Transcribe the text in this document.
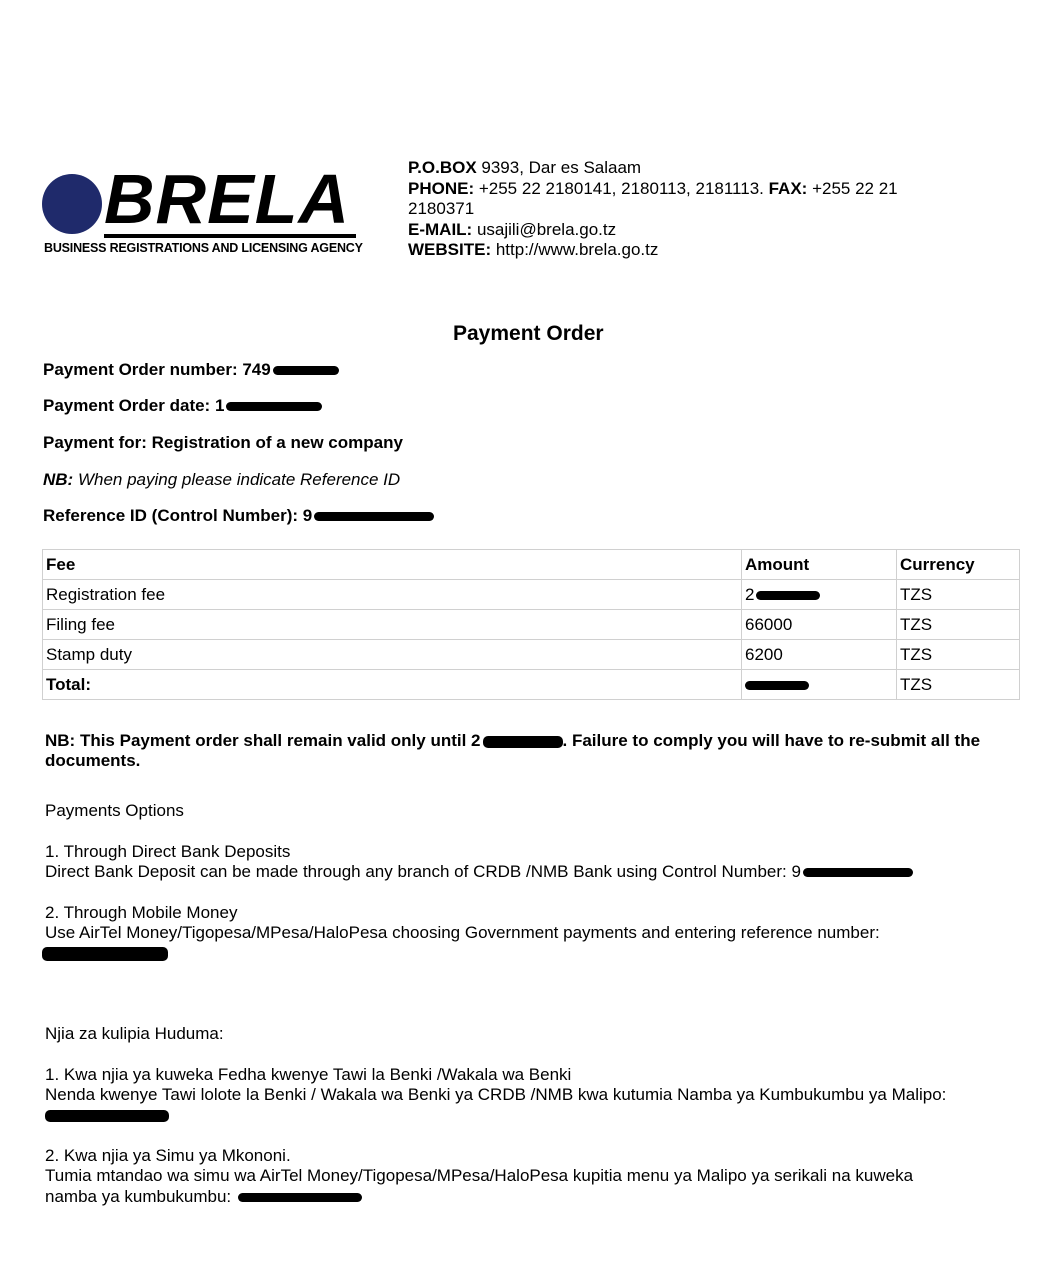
BRELA
BUSINESS REGISTRATIONS AND LICENSING AGENCY
P.O.BOX 9393, Dar es Salaam
PHONE: +255 22 2180141, 2180113, 2181113. FAX: +255 22 21 2180371
E-MAIL: usajili@brela.go.tz
WEBSITE: http://www.brela.go.tz
Payment Order
Payment Order number: 749
Payment Order date: 1
Payment for: Registration of a new company
NB: When paying please indicate Reference ID
Reference ID (Control Number): 9
Fee	Amount	Currency
Registration fee	2	TZS
Filing fee	66000	TZS
Stamp duty	6200	TZS
Total:		TZS
NB: This Payment order shall remain valid only until 2	. Failure to comply you will have to re-submit all the documents.
Payments Options
1. Through Direct Bank Deposits
Direct Bank Deposit can be made through any branch of CRDB /NMB Bank using Control Number: 9
2. Through Mobile Money
Use AirTel Money/Tigopesa/MPesa/HaloPesa choosing Government payments and entering reference number:
Njia za kulipia Huduma:
1. Kwa njia ya kuweka Fedha kwenye Tawi la Benki /Wakala wa Benki
Nenda kwenye Tawi lolote la Benki / Wakala wa Benki ya CRDB /NMB kwa kutumia Namba ya Kumbukumbu ya Malipo:
2. Kwa njia ya Simu ya Mkononi.
Tumia mtandao wa simu wa AirTel Money/Tigopesa/MPesa/HaloPesa kupitia menu ya Malipo ya serikali na kuweka
namba ya kumbukumbu:
